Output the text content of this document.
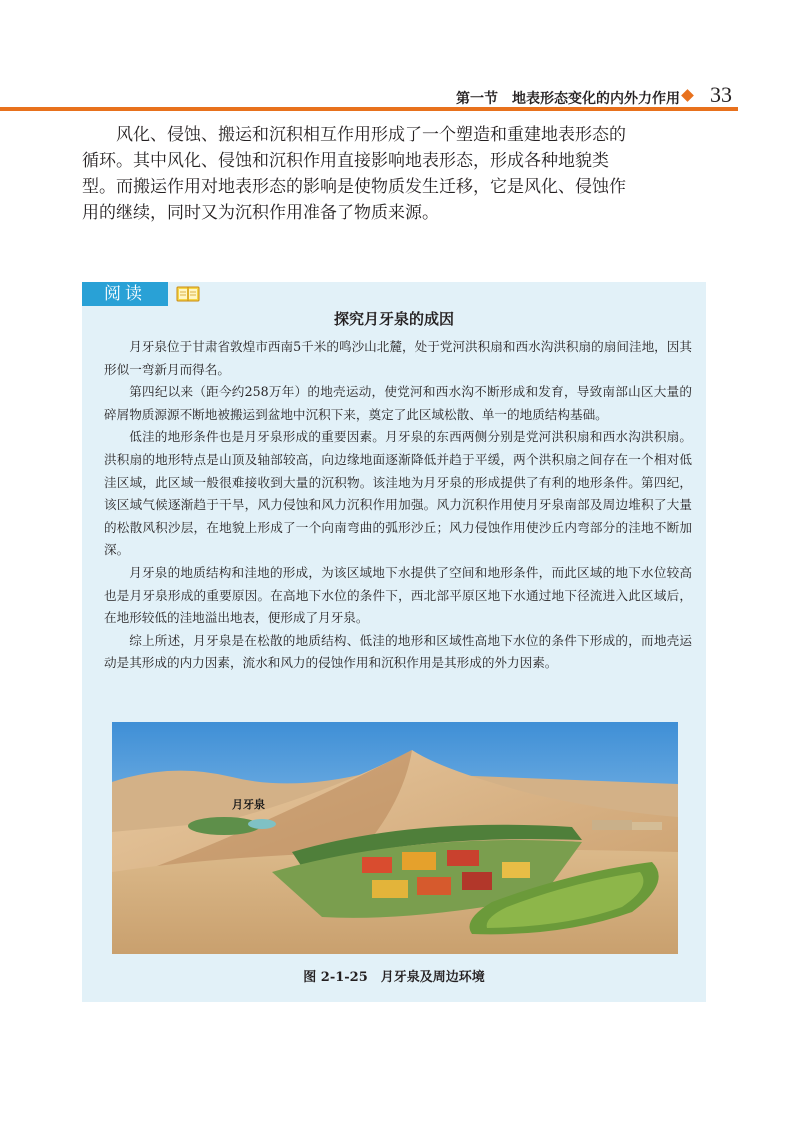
第一节　地表形态变化的内外力作用 33

风化、侵蚀、搬运和沉积相互作用形成了一个塑造和重建地表形态的循环。其中风化、侵蚀和沉积作用直接影响地表形态，形成各种地貌类型。而搬运作用对地表形态的影响是使物质发生迁移，它是风化、侵蚀作用的继续，同时又为沉积作用准备了物质来源。

阅读
探究月牙泉的成因

月牙泉位于甘肃省敦煌市西南5千米的鸣沙山北麓，处于党河洪积扇和西水沟洪积扇的扇间洼地，因其形似一弯新月而得名。

第四纪以来（距今约258万年）的地壳运动，使党河和西水沟不断形成和发育，导致南部山区大量的碎屑物质源源不断地被搬运到盆地中沉积下来，奠定了此区域松散、单一的地质结构基础。

低洼的地形条件也是月牙泉形成的重要因素。月牙泉的东西两侧分别是党河洪积扇和西水沟洪积扇。洪积扇的地形特点是山顶及轴部较高，向边缘地面逐渐降低并趋于平缓，两个洪积扇之间存在一个相对低洼区域，此区域一般很难接收到大量的沉积物。该洼地为月牙泉的形成提供了有利的地形条件。第四纪，该区域气候逐渐趋于干旱，风力侵蚀和风力沉积作用加强。风力沉积作用使月牙泉南部及周边堆积了大量的松散风积沙层，在地貌上形成了一个向南弯曲的弧形沙丘；风力侵蚀作用使沙丘内弯部分的洼地不断加深。

月牙泉的地质结构和洼地的形成，为该区域地下水提供了空间和地形条件，而此区域的地下水位较高也是月牙泉形成的重要原因。在高地下水位的条件下，西北部平原区地下水通过地下径流进入此区域后，在地形较低的洼地溢出地表，便形成了月牙泉。

综上所述，月牙泉是在松散的地质结构、低洼的地形和区域性高地下水位的条件下形成的，而地壳运动是其形成的内力因素，流水和风力的侵蚀作用和沉积作用是其形成的外力因素。

月牙泉
图 2-1-25　月牙泉及周边环境
